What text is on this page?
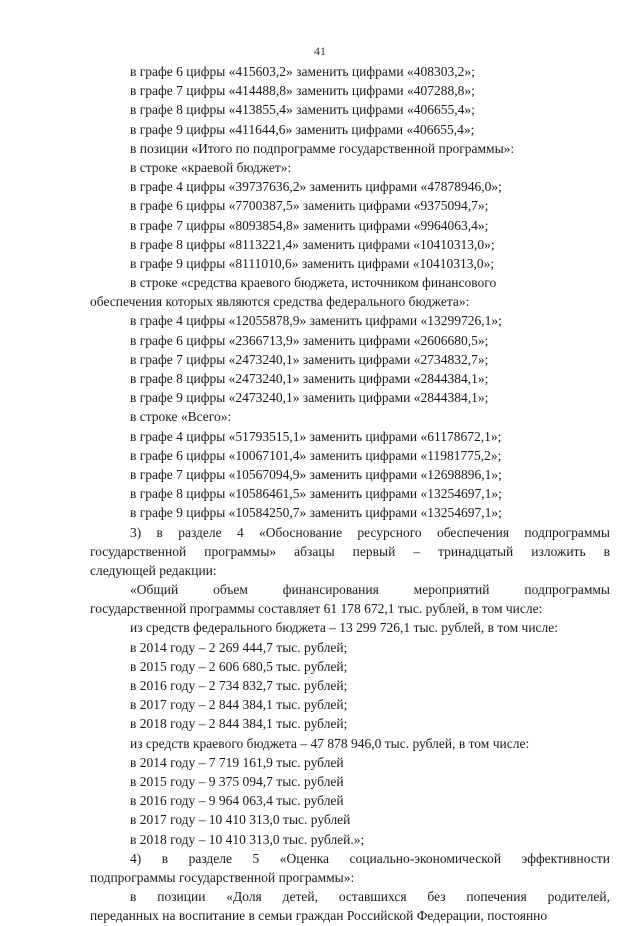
41
в графе 6 цифры «415603,2» заменить цифрами «408303,2»;
в графе 7 цифры «414488,8» заменить цифрами «407288,8»;
в графе 8 цифры «413855,4» заменить цифрами «406655,4»;
в графе 9 цифры «411644,6» заменить цифрами «406655,4»;
в позиции «Итого по подпрограмме государственной программы»:
в строке «краевой бюджет»:
в графе 4 цифры «39737636,2» заменить цифрами «47878946,0»;
в графе 6 цифры «7700387,5» заменить цифрами «9375094,7»;
в графе 7 цифры «8093854,8» заменить цифрами «9964063,4»;
в графе 8 цифры «8113221,4» заменить цифрами «10410313,0»;
в графе 9 цифры «8111010,6» заменить цифрами «10410313,0»;
в строке «средства краевого бюджета, источником финансового
обеспечения которых являются средства федерального бюджета»:
в графе 4 цифры «12055878,9» заменить цифрами «13299726,1»;
в графе 6 цифры «2366713,9» заменить цифрами «2606680,5»;
в графе 7 цифры «2473240,1» заменить цифрами «2734832,7»;
в графе 8 цифры «2473240,1» заменить цифрами «2844384,1»;
в графе 9 цифры «2473240,1» заменить цифрами «2844384,1»;
в строке «Всего»:
в графе 4 цифры «51793515,1» заменить цифрами «61178672,1»;
в графе 6 цифры «10067101,4» заменить цифрами «11981775,2»;
в графе 7 цифры «10567094,9» заменить цифрами «12698896,1»;
в графе 8 цифры «10586461,5» заменить цифрами «13254697,1»;
в графе 9 цифры «10584250,7» заменить цифрами «13254697,1»;
3) в разделе 4 «Обоснование ресурсного обеспечения подпрограммы
государственной программы» абзацы первый – тринадцатый изложить в
следующей редакции:
«Общий объем финансирования мероприятий подпрограммы
государственной программы составляет 61 178 672,1 тыс. рублей, в том числе:
из средств федерального бюджета – 13 299 726,1 тыс. рублей, в том числе:
в 2014 году – 2 269 444,7 тыс. рублей;
в 2015 году – 2 606 680,5 тыс. рублей;
в 2016 году – 2 734 832,7 тыс. рублей;
в 2017 году – 2 844 384,1 тыс. рублей;
в 2018 году – 2 844 384,1 тыс. рублей;
из средств краевого бюджета – 47 878 946,0 тыс. рублей, в том числе:
в 2014 году – 7 719 161,9 тыс. рублей
в 2015 году – 9 375 094,7 тыс. рублей
в 2016 году – 9 964 063,4 тыс. рублей
в 2017 году – 10 410 313,0 тыс. рублей
в 2018 году – 10 410 313,0 тыс. рублей.»;
4) в разделе 5 «Оценка социально-экономической эффективности
подпрограммы государственной программы»:
в позиции «Доля детей, оставшихся без попечения родителей,
переданных на воспитание в семьи граждан Российской Федерации, постоянно
